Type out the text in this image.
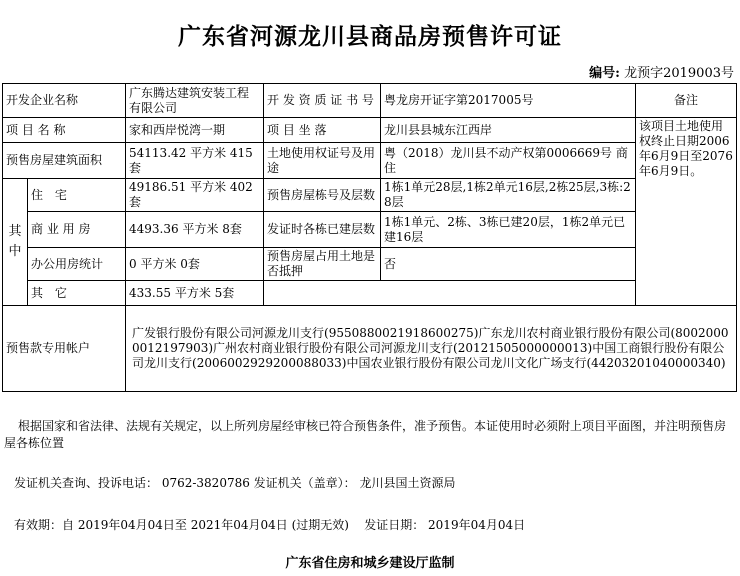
广东省河源龙川县商品房预售许可证
编号: 龙预字2019003号
开发企业名称		广东腾达建筑安装工程有限公司	开 发 资 质 证 书 号	粤龙房开证字第2017005号	备注
项 目 名 称		家和西岸悦湾一期	项 目 坐 落	龙川县县城东江西岸	该项目土地使用权终止日期2006年6月9日至2076年6月9日。
预售房屋建筑面积		54113.42 平方米 415套	土地使用权证号及用途	粤（2018）龙川县不动产权第0006669号 商住	
其 中	住 宅	49186.51 平方米 402套	预售房屋栋号及层数	1栋1单元28层,1栋2单元16层,2栋25层,3栋:28层	
	商 业 用 房	4493.36 平方米 8套	发证时各栋已建层数	1栋1单元、2栋、3栋已建20层，1栋2单元已建16层	
	办公用房统计	0 平方米 0套	预售房屋占用土地是否抵押	否	
	其 它	433.55 平方米 5套			
预售款专用帐户		广发银行股份有限公司河源龙川支行(9550880021918600275)广东龙川农村商业银行股份有限公司(80020000012197903)广州农村商业银行股份有限公司河源龙川支行(20121505000000013)中国工商银行股份有限公司龙川支行(2006002929200088033)中国农业银行股份有限公司龙川文化广场支行(44203201040000340)			
根据国家和省法律、法规有关规定，以上所列房屋经审核已符合预售条件，准予预售。本证使用时必须附上项目平面图，并注明预售房屋各栋位置
发证机关查询、投诉电话： 0762-3820786 发证机关（盖章）： 龙川县国土资源局
有效期：自 2019年04月04日至 2021年04月04日 (过期无效)    发证日期： 2019年04月04日
广东省住房和城乡建设厅监制
